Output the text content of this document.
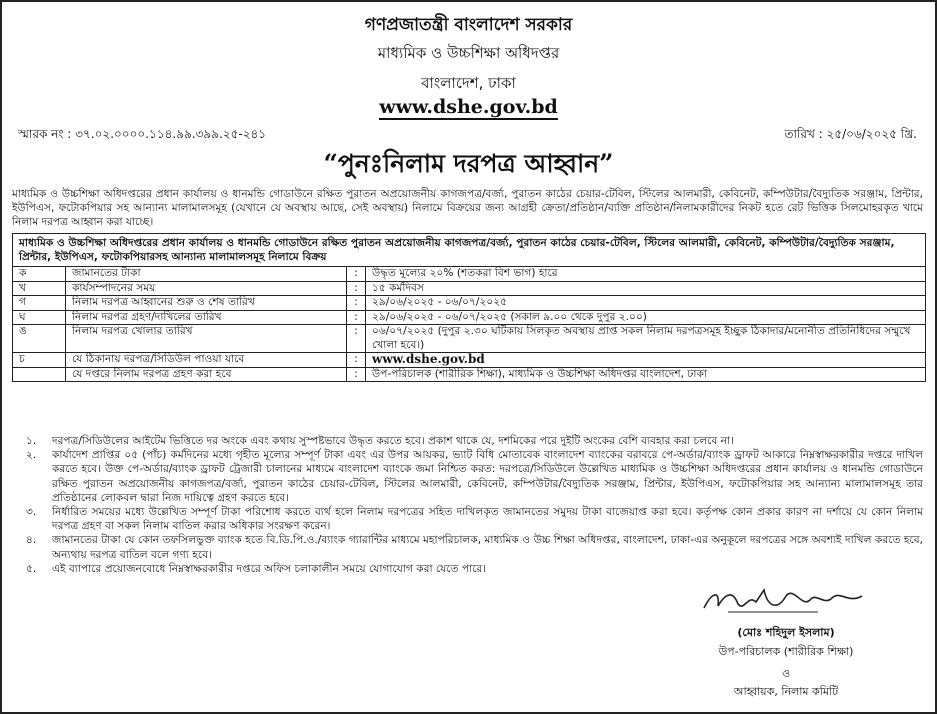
গণপ্রজাতন্ত্রী বাংলাদেশ সরকার
মাধ্যমিক ও উচ্চশিক্ষা অধিদপ্তর
বাংলাদেশ, ঢাকা
www.dshe.gov.bd
স্মারক নং : ৩৭.০২.০০০০.১১৪.৯৯.৩৯৯.২৫-২৪১	তারিখ : ২৫/০৬/২০২৫ খ্রি.
“পুনঃনিলাম দরপত্র আহ্বান”
মাধ্যমিক ও উচ্চশিক্ষা অধিদপ্তরের প্রধান কার্যালয় ও ধানমন্ডি গোডাউনে রক্ষিত পুরাতন অপ্রয়োজনীয় কাগজপত্র/বর্জ্য, পুরাতন কাঠের চেয়ার-টেবিল, স্টিলের আলমারী, কেবিনেট, কম্পিউটার/বৈদ্যুতিক সরঞ্জাম, প্রিন্টার, ইউপিএস, ফটোকপিয়ার সহ আন্যান্য মালামালসমূহ (যেখানে যে অবস্থায় আছে, সেই অবস্থায়) নিলামে বিক্রয়ের জন্য আগ্রহী ক্রেতা/প্রতিষ্ঠান/ব্যক্তি প্রতিষ্ঠান/নিলামকারীদের নিকট হতে রেট ভিত্তিক সিলমোহরকৃত খামে নিলাম দরপত্র আহ্বান করা যাচ্ছে।
মাধ্যমিক ও উচ্চশিক্ষা অধিদপ্তরের প্রধান কার্যালয় ও ধানমন্ডি গোডাউনে রক্ষিত পুরাতন অপ্রয়োজনীয় কাগজপত্র/বর্জ্য, পুরাতন কাঠের চেয়ার-টেবিল, স্টিলের আলমারী, কেবিনেট, কম্পিউটার/বৈদ্যুতিক সরঞ্জাম, প্রিন্টার, ইউপিএস, ফটোকপিয়ারসহ আন্যান্য মালামালসমূহ নিলামে বিক্রয়			
ক	জামানতের টাকা	:	উদ্ধৃত মূল্যের ২০% (শতকরা বিশ ভাগ) হারে
খ	কার্যসম্পাদনের সময়	:	১৫ কর্মদিবস
গ	নিলাম দরপত্র আহ্বানের শুরু ও শেষ তারিখ	:	২৯/০৬/২০২৫ - ০৬/০৭/২০২৫
ঘ	নিলাম দরপত্র গ্রহণ/দাখিলের তারিখ	:	২৯/০৬/২০২৫ - ০৬/০৭/২০২৫ (সকাল ৯.০০ থেকে দুপুর ২.০০)
ঙ	নিলাম দরপত্র খোলার তারিখ	:	০৬/০৭/২০২৫ (দুপুর ২.৩০ ঘটিকায় সিলকৃত অবস্থায় প্রাপ্ত সকল নিলাম দরপত্রসমূহ ইচ্ছুক ঠিকাদার/মনোনীত প্রতিনিধিদের সম্মুখে খোলা হবে।)
চ	যে ঠিকানায় দরপত্র/সিডিউল পাওয়া যাবে	:	www.dshe.gov.bd
	যে দপ্তরে নিলাম দরপত্র গ্রহণ করা হবে	:	উপ-পরিচালক (শারীরিক শিক্ষা), মাধ্যমিক ও উচ্চশিক্ষা অধিদপ্তর বাংলাদেশ, ঢাকা
১.	দরপত্র/সিডিউলের আইটেম ভিত্তিতে দর অংকে এবং কথায় সুস্পষ্টভাবে উদ্ধৃত করতে হবে। প্রকাশ থাকে যে, দশমিকের পরে দুইটি অংকের বেশি ব্যবহার করা চলবে না।
২.	কার্যাদেশ প্রাপ্তির ০৫ (পাঁচ) কর্মদিনের মধ্যে গৃহীত মূল্যের সম্পূর্ণ টাকা এবং এর উপর আয়কর, ভ্যাট বিধি মোতাবেক বাংলাদেশ ব্যাংকের বরাবরে পে-অর্ডার/ব্যাংক ড্রাফট আকারে নিম্নস্বাক্ষরকারীর দপ্তরে দাখিল করতে হবে। উক্ত পে-অর্ডার/ব্যাংক ড্রাফট ট্রেজারী চালানের মাধ্যমে বাংলাদেশ ব্যাংকে জমা নিশ্চিত করত: দরপত্রে/সিডিউলে উল্লেখিত মাধ্যমিক ও উচ্চশিক্ষা অধিদপ্তরের প্রধান কার্যালয় ও ধানমন্ডি গোডাউনে রক্ষিত পুরাতন অপ্রয়োজনীয় কাগজপত্র/বর্জ্য, পুরাতন কাঠের চেয়ার-টেবিল, স্টিলের আলমারী, কেবিনেট, কম্পিউটার/বৈদ্যুতিক সরঞ্জাম, প্রিন্টার, ইউপিএস, ফটোকপিয়ার সহ আন্যান্য মালামালসমূহ তার প্রতিষ্ঠানের লোকবল দ্বারা নিজ দায়িত্বে গ্রহণ করতে হবে।
৩.	নির্ধারিত সময়ের মধ্যে উল্লেখিত সম্পূর্ণ টাকা পরিশোধ করতে ব্যর্থ হলে নিলাম দরপত্রের সহিত দাখিলকৃত জামানতের সমুদয় টাকা বাজেয়াপ্ত করা হবে। কর্তৃপক্ষ কোন প্রকার কারণ না দর্শায়ে যে কোন নিলাম দরপত্র গ্রহণ বা সকল নিলাম বাতিল করার অধিকার সংরক্ষণ করেন।
৪.	জামানতের টাকা যে কোন তফসিলভুক্ত ব্যাংক হতে বি.ডি.পি.ও./ব্যাংক গ্যারান্টির মাধ্যমে মহাপরিচালক, মাধ্যমিক ও উচ্চ শিক্ষা অধিদপ্তর, বাংলাদেশ, ঢাকা-এর অনুকূলে দরপত্রের সঙ্গে অবশ্যই দাখিল করতে হবে, অন্যথায় দরপত্র বাতিল বলে গণ্য হবে।
৫.	এই ব্যাপারে প্রয়োজনবোধে নিম্নস্বাক্ষরকারীর দপ্তরে অফিস চলাকালীন সময়ে যোগাযোগ করা যেতে পারে।
(মোঃ শহিদুল ইসলাম)
উপ-পরিচালক (শারীরিক শিক্ষা)
ও
আহ্বায়ক, নিলাম কমিটি
